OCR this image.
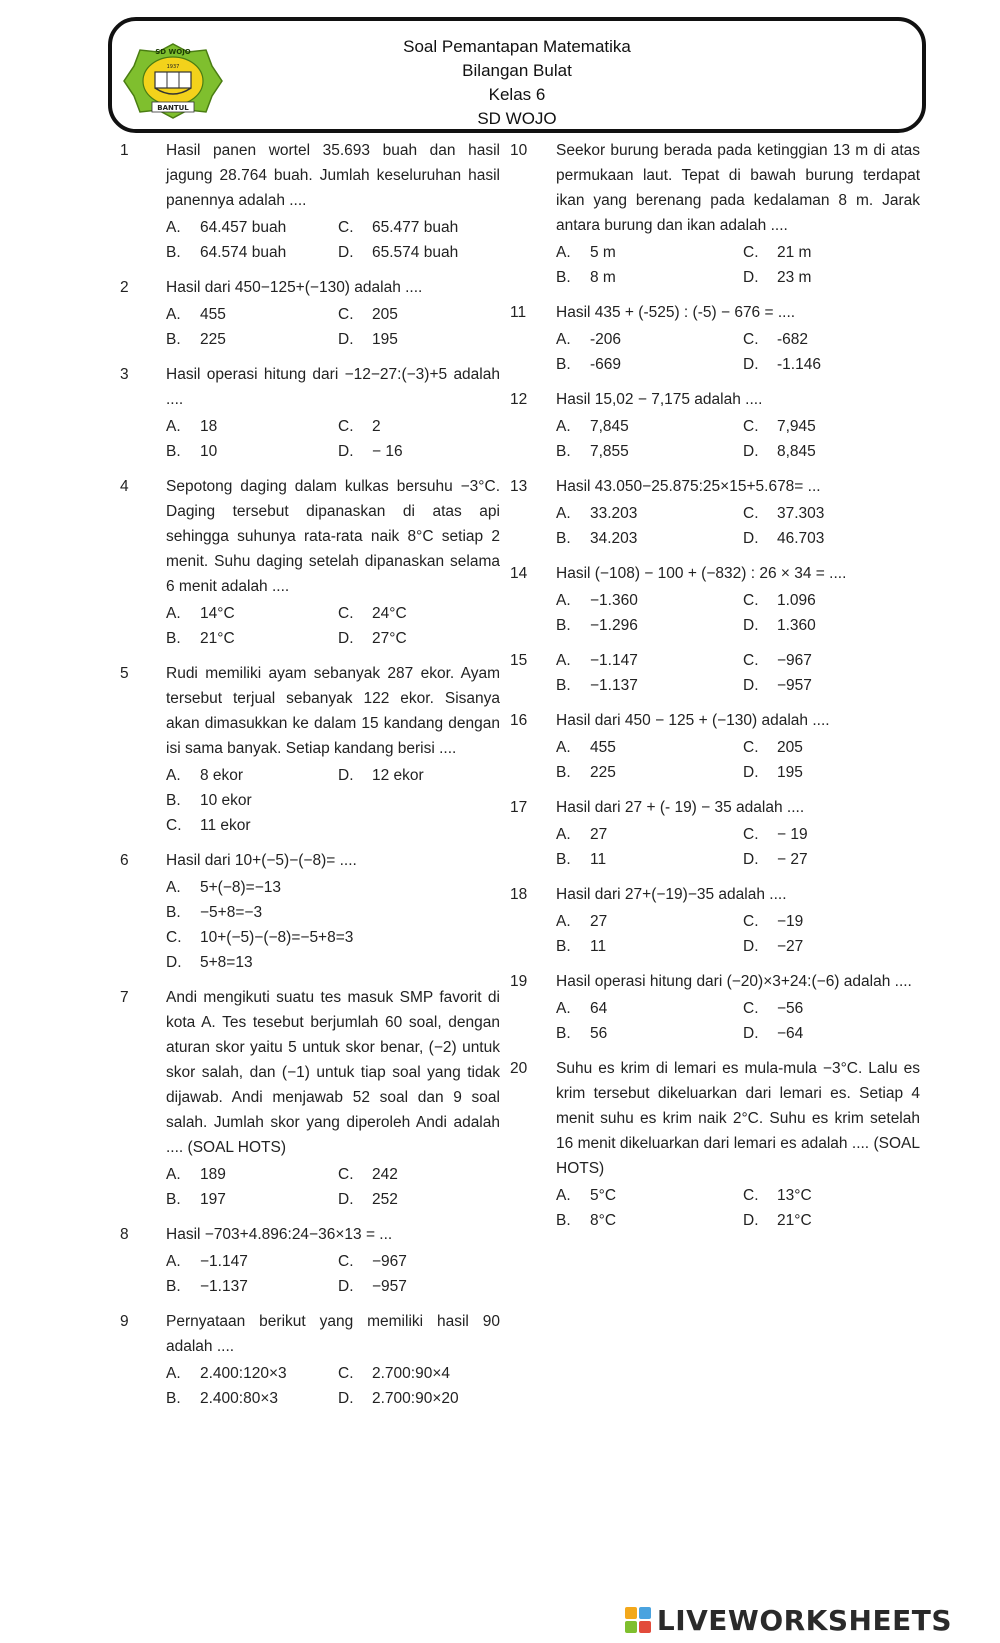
Soal Pemantapan Matematika
Bilangan Bulat
Kelas 6
SD WOJO
SD WOJO
1937
BANTUL
1	Hasil panen wortel 35.693 buah dan hasil jagung 28.764 buah. Jumlah keseluruhan hasil panennya adalah ....
A.	64.457 buah	C.	65.477 buah
B.	64.574 buah	D.	65.574 buah
2	Hasil dari 450−125+(−130) adalah ....
A.	455	C.	205
B.	225	D.	195
3	Hasil operasi hitung dari −12−27:(−3)+5 adalah ....
A.	18	C.	2
B.	10	D.	− 16
4	Sepotong daging dalam kulkas bersuhu −3°C. Daging tersebut dipanaskan di atas api sehingga suhunya rata-rata naik 8°C setiap 2 menit. Suhu daging setelah dipanaskan selama 6 menit adalah ....
A.	14°C	C.	24°C
B.	21°C	D.	27°C
5	Rudi memiliki ayam sebanyak 287 ekor. Ayam tersebut terjual sebanyak 122 ekor. Sisanya akan dimasukkan ke dalam 15 kandang dengan isi sama banyak. Setiap kandang berisi ....
A.	8 ekor	D.	12 ekor
B.	10 ekor
C.	11 ekor
6	Hasil dari 10+(−5)−(−8)= ....
A.	5+(−8)=−13
B.	−5+8=−3
C.	10+(−5)−(−8)=−5+8=3
D.	5+8=13
7	Andi mengikuti suatu tes masuk SMP favorit di kota A. Tes tesebut berjumlah 60 soal, dengan aturan skor yaitu 5 untuk skor benar, (−2) untuk skor salah, dan (−1) untuk tiap soal yang tidak dijawab. Andi menjawab 52 soal dan 9 soal salah. Jumlah skor yang diperoleh Andi adalah .... (SOAL HOTS)
A.	189	C.	242
B.	197	D.	252
8	Hasil −703+4.896:24−36×13 = ...
A.	−1.147	C.	−967
B.	−1.137	D.	−957
9	Pernyataan berikut yang memiliki hasil 90 adalah ....
A.	2.400:120×3	C.	2.700:90×4
B.	2.400:80×3	D.	2.700:90×20
10	Seekor burung berada pada ketinggian 13 m di atas permukaan laut. Tepat di bawah burung terdapat ikan yang berenang pada kedalaman 8 m. Jarak antara burung dan ikan adalah ....
A.	5 m	C.	21 m
B.	8 m	D.	23 m
11	Hasil 435 + (-525) : (-5) − 676 = ....
A.	-206	C.	-682
B.	-669	D.	-1.146
12	Hasil 15,02 − 7,175 adalah ....
A.	7,845	C.	7,945
B.	7,855	D.	8,845
13	Hasil 43.050−25.875:25×15+5.678= ...
A.	33.203	C.	37.303
B.	34.203	D.	46.703
14	Hasil (−108) − 100 + (−832) : 26 × 34 = ....
A.	−1.360	C.	1.096
B.	−1.296	D.	1.360
15	A.	−1.147	C.	−967
B.	−1.137	D.	−957
16	Hasil dari 450 − 125 + (−130) adalah ....
A.	455	C.	205
B.	225	D.	195
17	Hasil dari 27 + (- 19) − 35 adalah ....
A.	27	C.	− 19
B.	11	D.	− 27
18	Hasil dari 27+(−19)−35 adalah ....
A.	27	C.	−19
B.	11	D.	−27
19	Hasil operasi hitung dari (−20)×3+24:(−6) adalah ....
A.	64	C.	−56
B.	56	D.	−64
20	Suhu es krim di lemari es mula-mula −3°C. Lalu es krim tersebut dikeluarkan dari lemari es. Setiap 4 menit suhu es krim naik 2°C. Suhu es krim setelah 16 menit dikeluarkan dari lemari es adalah .... (SOAL HOTS)
A.	5°C	C.	13°C
B.	8°C	D.	21°C
LIVEWORKSHEETS
